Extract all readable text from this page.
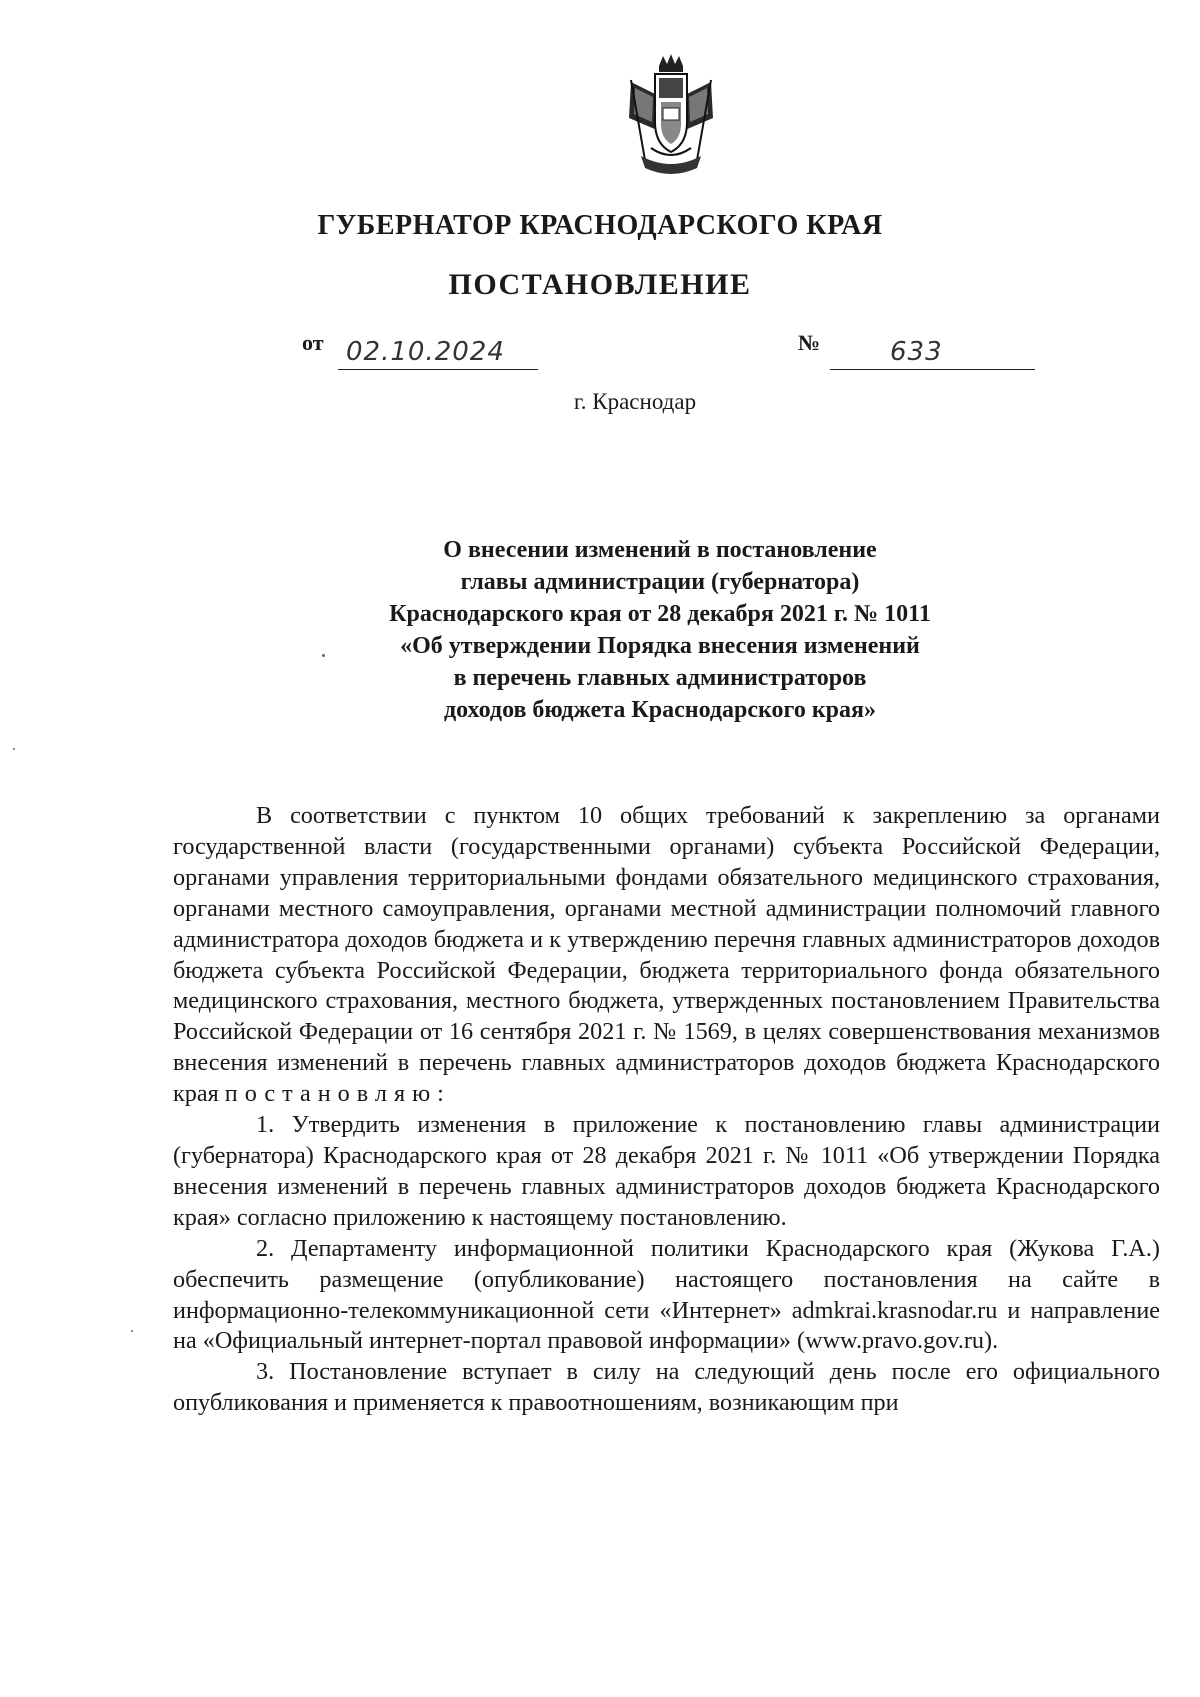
ГУБЕРНАТОР КРАСНОДАРСКОГО КРАЯ
ПОСТАНОВЛЕНИЕ
от 02.10.2024	№	633
г. Краснодар
О внесении изменений в постановление
главы администрации (губернатора)
Краснодарского края от 28 декабря 2021 г. № 1011
«Об утверждении Порядка внесения изменений
в перечень главных администраторов
доходов бюджета Краснодарского края»
В соответствии с пунктом 10 общих требований к закреплению за органами государственной власти (государственными органами) субъекта Российской Федерации, органами управления территориальными фондами обязательного медицинского страхования, органами местного самоуправления, органами местной администрации полномочий главного администратора доходов бюджета и к утверждению перечня главных администраторов доходов бюджета субъекта Российской Федерации, бюджета территориального фонда обязательного медицинского страхования, местного бюджета, утвержденных постановлением Правительства Российской Федерации от 16 сентября 2021 г. № 1569, в целях совершенствования механизмов внесения изменений в перечень главных администраторов доходов бюджета Краснодарского края постановляю:
1. Утвердить изменения в приложение к постановлению главы администрации (губернатора) Краснодарского края от 28 декабря 2021 г. № 1011 «Об утверждении Порядка внесения изменений в перечень главных администраторов доходов бюджета Краснодарского края» согласно приложению к настоящему постановлению.
2. Департаменту информационной политики Краснодарского края (Жукова Г.А.) обеспечить размещение (опубликование) настоящего постановления на сайте в информационно-телекоммуникационной сети «Интернет» admkrai.krasnodar.ru и направление на «Официальный интернет-портал правовой информации» (www.pravo.gov.ru).
3. Постановление вступает в силу на следующий день после его официального опубликования и применяется к правоотношениям, возникающим при
